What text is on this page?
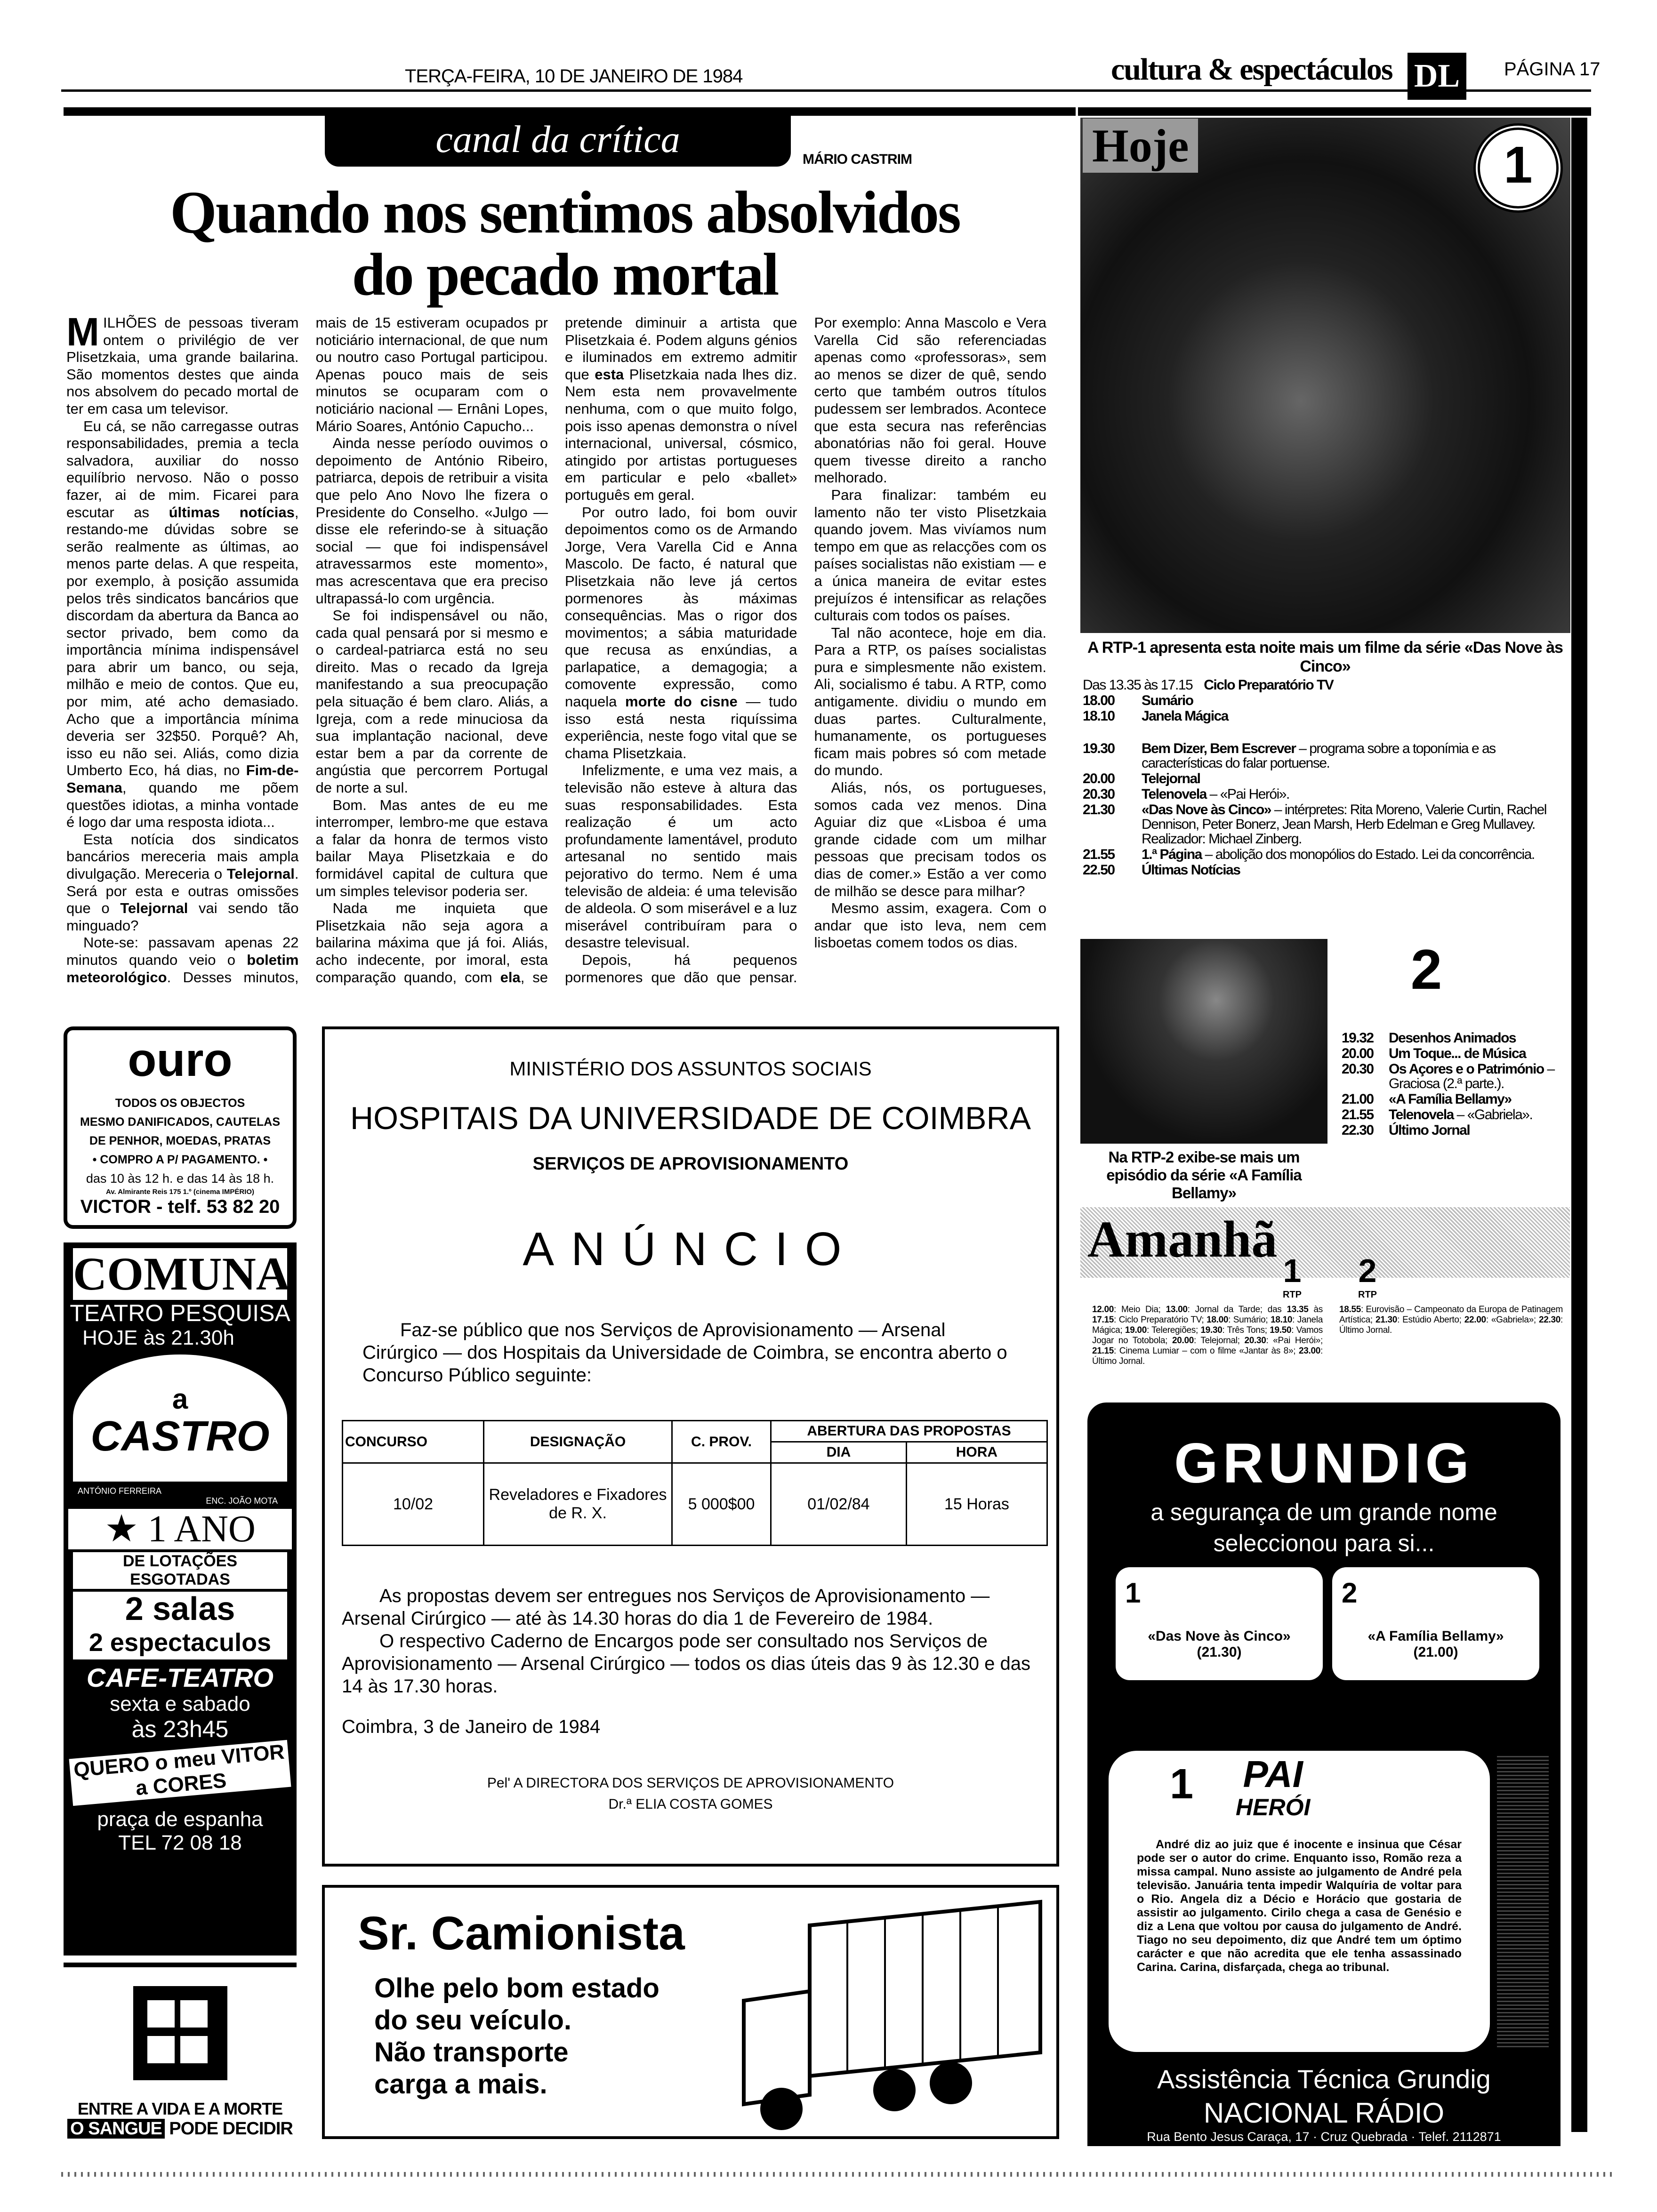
TERÇA-FEIRA, 10 DE JANEIRO DE 1984	cultura & espectáculos DL	PÁGINA 17
canal da crítica	MÁRIO CASTRIM
Quando nos sentimos absolvidos
do pecado mortal

MILHÕES de pessoas tiveram ontem o privilégio de ver Plisetzkaia, uma grande bailarina. São momentos destes que ainda nos absolvem do pecado mortal de ter em casa um televisor.

Eu cá, se não carregasse outras responsabilidades, premia a tecla salvadora, auxiliar do nosso equilíbrio nervoso. Não o posso fazer, ai de mim. Ficarei para escutar as últimas notícias, restando-me dúvidas sobre se serão realmente as últimas, ao menos parte delas. A que respeita, por exemplo, à posição assumida pelos três sindicatos bancários que discordam da abertura da Banca ao sector privado, bem como da importância mínima indispensável para abrir um banco, ou seja, milhão e meio de contos. Que eu, por mim, até acho demasiado. Acho que a importância mínima deveria ser 32$50. Porquê? Ah, isso eu não sei. Aliás, como dizia Umberto Eco, há dias, no Fim-de-Semana, quando me põem questões idiotas, a minha vontade é logo dar uma resposta idiota...

Esta notícia dos sindicatos bancários mereceria mais ampla divulgação. Mereceria o Telejornal. Será por esta e outras omissões que o Telejornal vai sendo tão minguado?

Note-se: passavam apenas 22 minutos quando veio o boletim meteorológico. Desses minutos, mais de 15 estiveram ocupados pr noticiário internacional, de que num ou noutro caso Portugal participou. Apenas pouco mais de seis minutos se ocuparam com o noticiário nacional — Ernâni Lopes, Mário Soares, António Capucho...

Ainda nesse período ouvimos o depoimento de António Ribeiro, patriarca, depois de retribuir a visita que pelo Ano Novo lhe fizera o Presidente do Conselho. «Julgo — disse ele referindo-se à situação social — que foi indispensável atravessarmos este momento», mas acrescentava que era preciso ultrapassá-lo com urgência.

Se foi indispensável ou não, cada qual pensará por si mesmo e o cardeal-patriarca está no seu direito. Mas o recado da Igreja manifestando a sua preocupação pela situação é bem claro. Aliás, a Igreja, com a rede minuciosa da sua implantação nacional, deve estar bem a par da corrente de angústia que percorrem Portugal de norte a sul.

Bom. Mas antes de eu me interromper, lembro-me que estava a falar da honra de termos visto bailar Maya Plisetzkaia e do formidável capital de cultura que um simples televisor poderia ser.

Nada me inquieta que Plisetzkaia não seja agora a bailarina máxima que já foi. Aliás, acho indecente, por imoral, esta comparação quando, com ela, se pretende diminuir a artista que Plisetzkaia é. Podem alguns génios e iluminados em extremo admitir que esta Plisetzkaia nada lhes diz. Nem esta nem provavelmente nenhuma, com o que muito folgo, pois isso apenas demonstra o nível internacional, universal, cósmico, atingido por artistas portugueses em particular e pelo «ballet» português em geral.

Por outro lado, foi bom ouvir depoimentos como os de Armando Jorge, Vera Varella Cid e Anna Mascolo. De facto, é natural que Plisetzkaia não leve já certos pormenores às máximas consequências. Mas o rigor dos movimentos; a sábia maturidade que recusa as enxúndias, a parlapatice, a demagogia; a comovente expressão, como naquela morte do cisne — tudo isso está nesta riquíssima experiência, neste fogo vital que se chama Plisetzkaia.

Infelizmente, e uma vez mais, a televisão não esteve à altura das suas responsabilidades. Esta realização é um acto profundamente lamentável, produto artesanal no sentido mais pejorativo do termo. Nem é uma televisão de aldeia: é uma televisão de aldeola. O som miserável e a luz miserável contribuíram para o desastre televisual.

Depois, há pequenos pormenores que dão que pensar. Por exemplo: Anna Mascolo e Vera Varella Cid são referenciadas apenas como «professoras», sem ao menos se dizer de quê, sendo certo que também outros títulos pudessem ser lembrados. Acontece que esta secura nas referências abonatórias não foi geral. Houve quem tivesse direito a rancho melhorado.

Para finalizar: também eu lamento não ter visto Plisetzkaia quando jovem. Mas vivíamos num tempo em que as relacções com os países socialistas não existiam — e a única maneira de evitar estes prejuízos é intensificar as relações culturais com todos os países.

Tal não acontece, hoje em dia. Para a RTP, os países socialistas pura e simplesmente não existem. Ali, socialismo é tabu. A RTP, como antigamente. dividiu o mundo em duas partes. Culturalmente, humanamente, os portugueses ficam mais pobres só com metade do mundo.

Aliás, nós, os portugueses, somos cada vez menos. Dina Aguiar diz que «Lisboa é uma grande cidade com um milhar pessoas que precisam todos os dias de comer.» Estão a ver como de milhão se desce para milhar?

Mesmo assim, exagera. Com o andar que isto leva, nem cem lisboetas comem todos os dias.

Hoje	1
A RTP-1 apresenta esta noite mais um filme da série «Das Nove às Cinco»
Das 13.35 às 17.15 Ciclo Preparatório TV
18.00	Sumário
18.10	Janela Mágica
19.30	Bem Dizer, Bem Escrever – programa sobre a toponímia e as características do falar portuense.
20.00	Telejornal
20.30	Telenovela – «Pai Herói».
21.30	«Das Nove às Cinco» – intérpretes: Rita Moreno, Valerie Curtin, Rachel Dennison, Peter Bonerz, Jean Marsh, Herb Edelman e Greg Mullavey. Realizador: Michael Zinberg.
21.55	1.ª Página – abolição dos monopólios do Estado. Lei da concorrência.
22.50	Últimas Notícias
2
Na RTP-2 exibe-se mais um episódio da série «A Família Bellamy»
19.32	Desenhos Animados
20.00	Um Toque... de Música
20.30	Os Açores e o Património – Graciosa (2.ª parte.).
21.00	«A Família Bellamy»
21.55	Telenovela – «Gabriela».
22.30	Último Jornal
Amanhã
1
RTP
2
RTP
12.00: Meio Dia; 13.00: Jornal da Tarde; das 13.35 às 17.15: Ciclo Preparatório TV; 18.00: Sumário; 18.10: Janela Mágica; 19.00: Teleregiões; 19.30: Três Tons; 19.50: Vamos Jogar no Totobola; 20.00: Telejornal; 20.30: «Pai Herói»; 21.15: Cinema Lumiar – com o filme «Jantar às 8»; 23.00: Último Jornal.
18.55: Eurovisão – Campeonato da Europa de Patinagem Artística; 21.30: Estúdio Aberto; 22.00: «Gabriela»; 22.30: Último Jornal.
GRUNDIG
a segurança de um grande nome
seleccionou para si...
1
«Das Nove às Cinco»
(21.30)
2
«A Família Bellamy»
(21.00)
1 PAI
HERÓI
André diz ao juiz que é inocente e insinua que César pode ser o autor do crime. Enquanto isso, Romão reza a missa campal. Nuno assiste ao julgamento de André pela televisão. Januária tenta impedir Walquíria de voltar para o Rio. Angela diz a Décio e Horácio que gostaria de assistir ao julgamento. Cirilo chega a casa de Genésio e diz a Lena que voltou por causa do julgamento de André. Tiago no seu depoimento, diz que André tem um óptimo carácter e que não acredita que ele tenha assassinado Carina. Carina, disfarçada, chega ao tribunal.
Assistência Técnica Grundig
NACIONAL RÁDIO
Rua Bento Jesus Caraça, 17 · Cruz Quebrada · Telef. 2112871
ouro
TODOS OS OBJECTOS
MESMO DANIFICADOS, CAUTELAS
DE PENHOR, MOEDAS, PRATAS
• COMPRO A P/ PAGAMENTO. •
das 10 às 12 h. e das 14 às 18 h.
Av. Almirante Reis 175 1.º (cinema IMPÉRIO)
VICTOR - telf. 53 82 20
COMUNA
TEATRO PESQUISA
HOJE às 21.30h
a
CASTRO
ANTÓNIO FERREIRA
ENC. JOÃO MOTA
★ 1 ANO
DE LOTAÇÕES ESGOTADAS
2 salas
2 espectaculos
CAFE-TEATRO
sexta e sabado
às 23h45
QUERO o meu VITOR a CORES
praça de espanha
TEL 72 08 18
ENTRE A VIDA E A MORTE
O SANGUE PODE DECIDIR
MINISTÉRIO DOS ASSUNTOS SOCIAIS
HOSPITAIS DA UNIVERSIDADE DE COIMBRA
SERVIÇOS DE APROVISIONAMENTO
ANÚNCIO
Faz-se público que nos Serviços de Aprovisionamento — Arsenal Cirúrgico — dos Hospitais da Universidade de Coimbra, se encontra aberto o Concurso Público seguinte:
CONCURSO	DESIGNAÇÃO	C. PROV.	ABERTURA DAS PROPOSTAS	
			DIA	HORA
10/02	Reveladores e Fixadores de R. X.	5 000$00	01/02/84	15 Horas

As propostas devem ser entregues nos Serviços de Aprovisionamento — Arsenal Cirúrgico — até às 14.30 horas do dia 1 de Fevereiro de 1984.

O respectivo Caderno de Encargos pode ser consultado nos Serviços de Aprovisionamento — Arsenal Cirúrgico — todos os dias úteis das 9 às 12.30 e das 14 às 17.30 horas.

Coimbra, 3 de Janeiro de 1984
Pel' A DIRECTORA DOS SERVIÇOS DE APROVISIONAMENTO
Dr.ª ELIA COSTA GOMES
Sr. Camionista
Olhe pelo bom estado
do seu veículo.
Não transporte
carga a mais.
